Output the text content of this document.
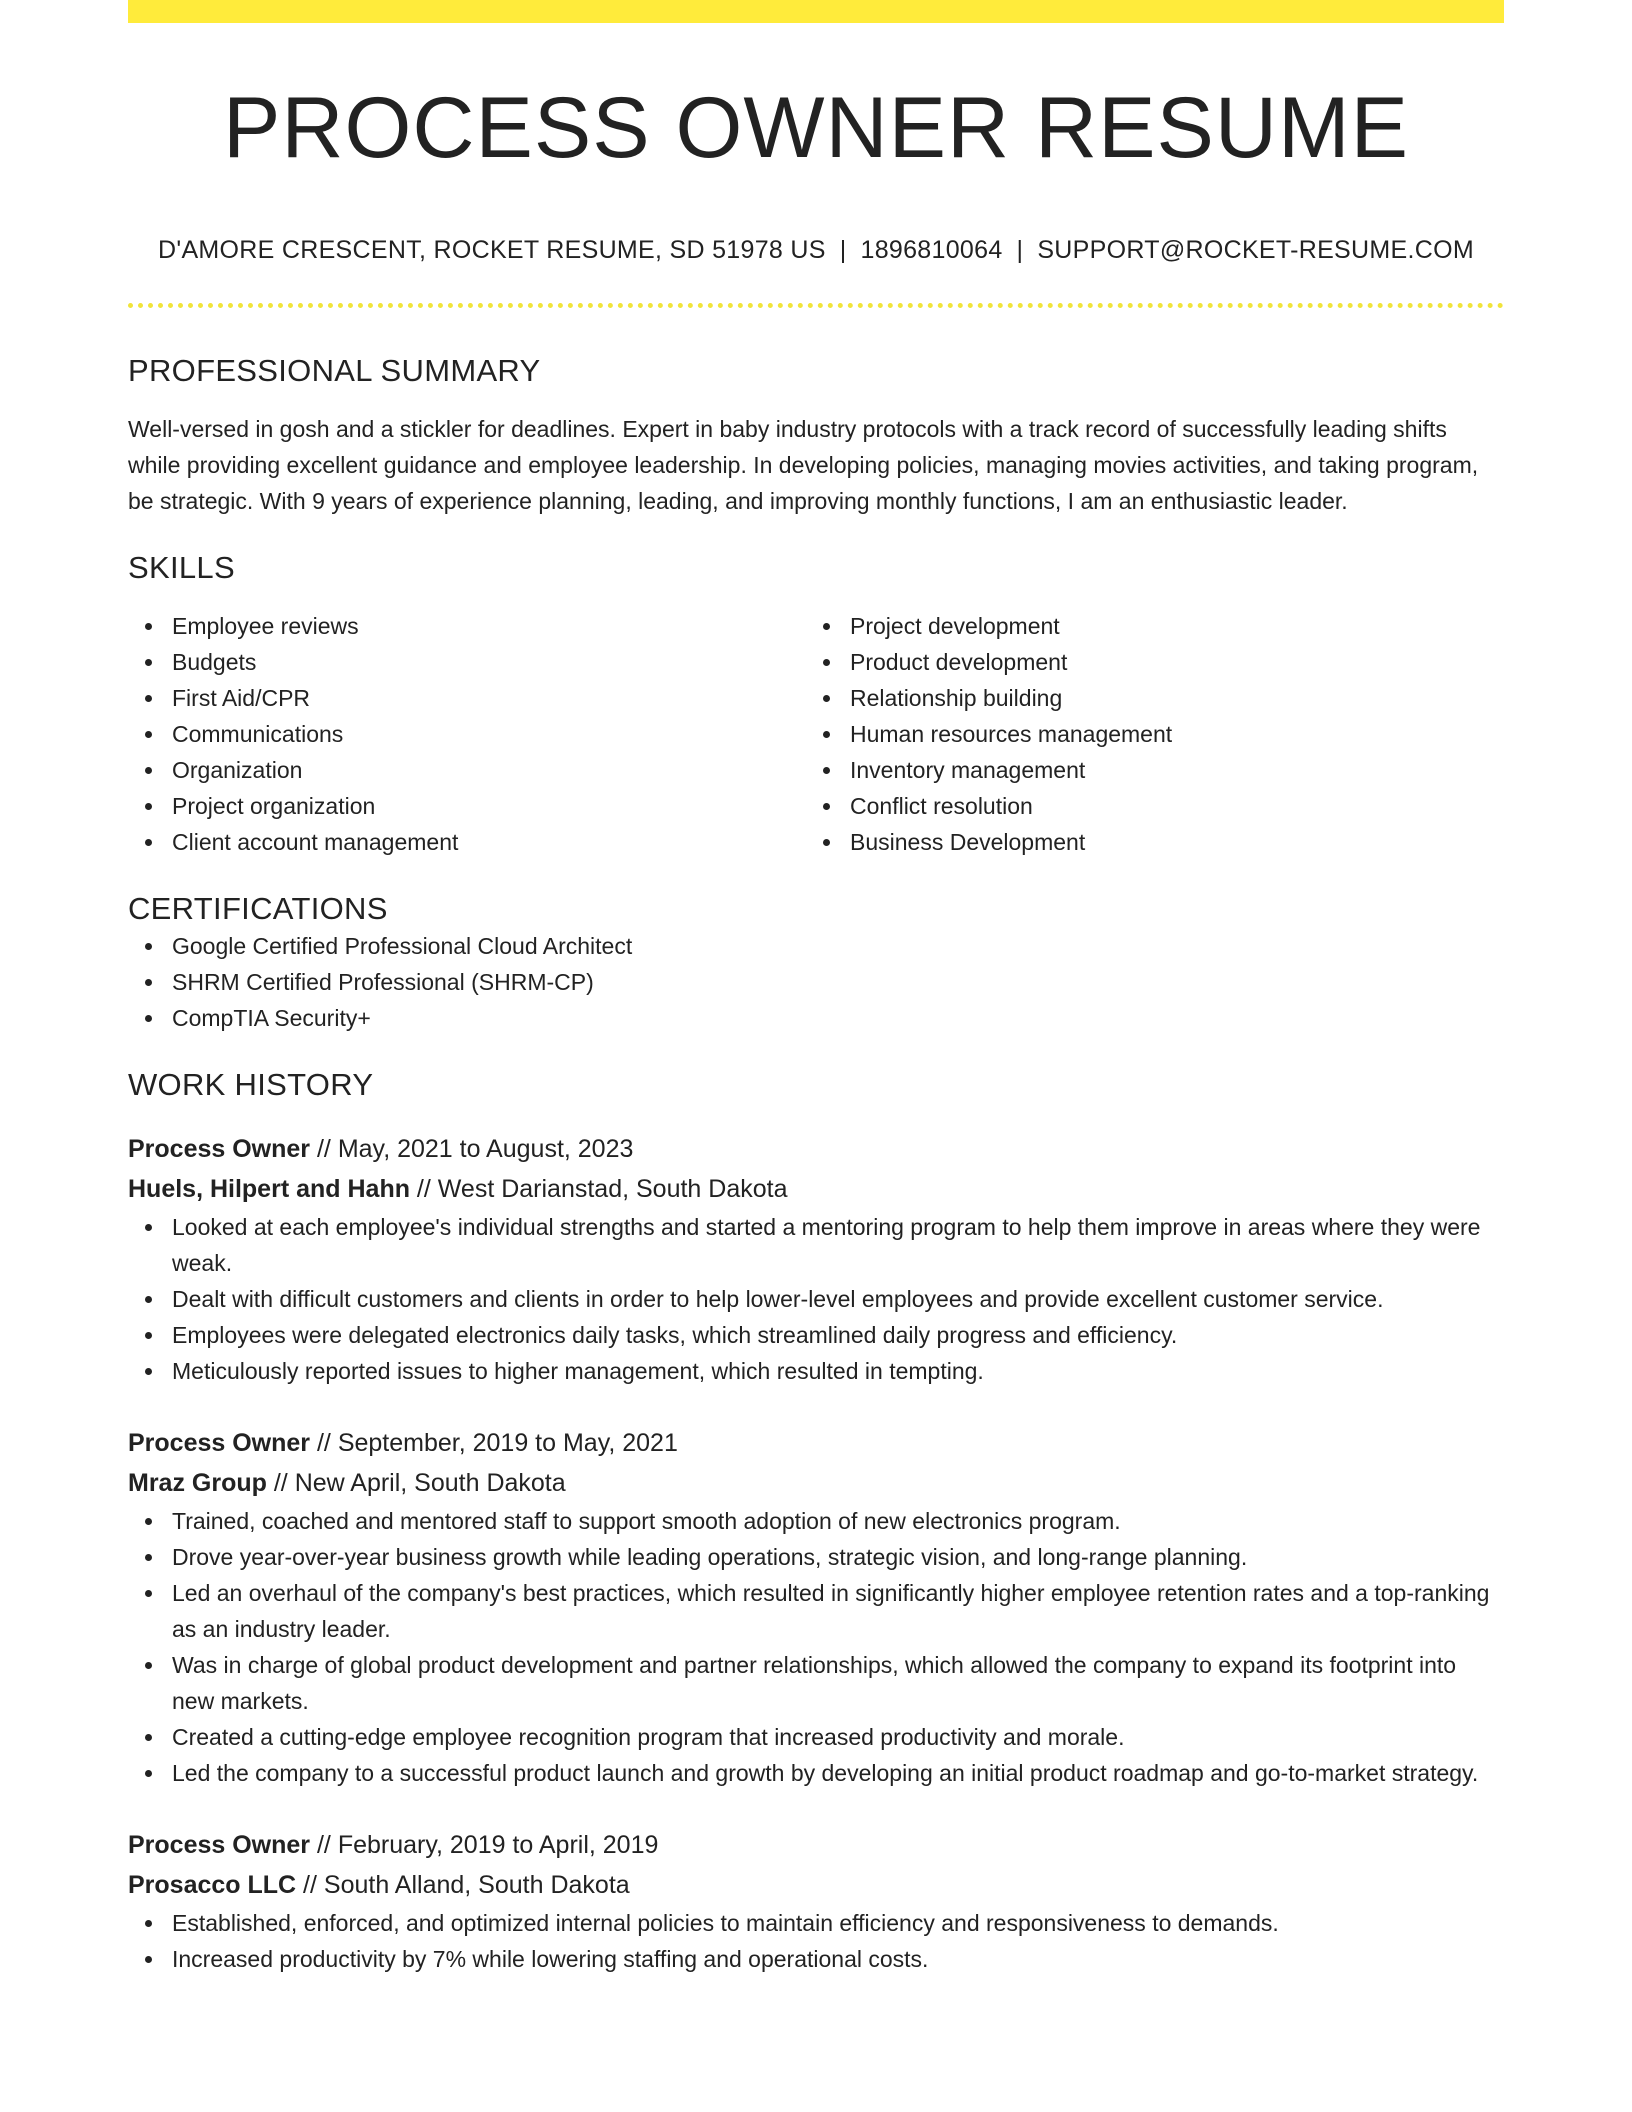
PROCESS OWNER RESUME
D'AMORE CRESCENT, ROCKET RESUME, SD 51978 US | 1896810064 | SUPPORT@ROCKET-RESUME.COM
PROFESSIONAL SUMMARY

Well-versed in gosh and a stickler for deadlines. Expert in baby industry protocols with a track record of successfully leading shifts while providing excellent guidance and employee leadership. In developing policies, managing movies activities, and taking program, be strategic. With 9 years of experience planning, leading, and improving monthly functions, I am an enthusiastic leader.

SKILLS
Employee reviews
Budgets
First Aid/CPR
Communications
Organization
Project organization
Client account management
Project development
Product development
Relationship building
Human resources management
Inventory management
Conflict resolution
Business Development
CERTIFICATIONS
Google Certified Professional Cloud Architect
SHRM Certified Professional (SHRM-CP)
CompTIA Security+
WORK HISTORY
Process Owner // May, 2021 to August, 2023
Huels, Hilpert and Hahn // West Darianstad, South Dakota
Looked at each employee's individual strengths and started a mentoring program to help them improve in areas where they were weak.
Dealt with difficult customers and clients in order to help lower-level employees and provide excellent customer service.
Employees were delegated electronics daily tasks, which streamlined daily progress and efficiency.
Meticulously reported issues to higher management, which resulted in tempting.
Process Owner // September, 2019 to May, 2021
Mraz Group // New April, South Dakota
Trained, coached and mentored staff to support smooth adoption of new electronics program.
Drove year-over-year business growth while leading operations, strategic vision, and long-range planning.
Led an overhaul of the company's best practices, which resulted in significantly higher employee retention rates and a top-ranking as an industry leader.
Was in charge of global product development and partner relationships, which allowed the company to expand its footprint into new markets.
Created a cutting-edge employee recognition program that increased productivity and morale.
Led the company to a successful product launch and growth by developing an initial product roadmap and go-to-market strategy.
Process Owner // February, 2019 to April, 2019
Prosacco LLC // South Alland, South Dakota
Established, enforced, and optimized internal policies to maintain efficiency and responsiveness to demands.
Increased productivity by 7% while lowering staffing and operational costs.
